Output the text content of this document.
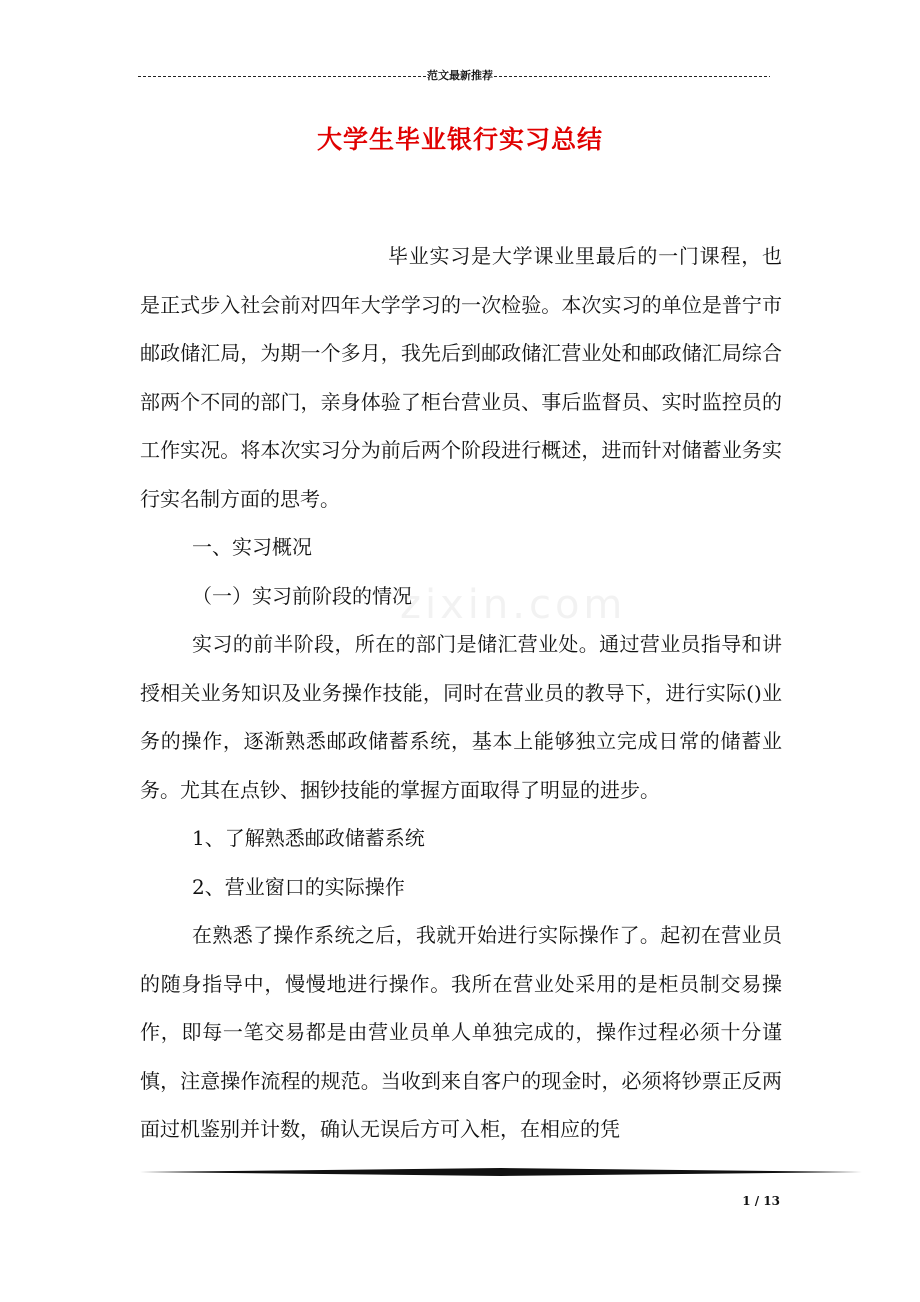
范文最新推荐
大学生毕业银行实习总结
zixin.com

毕业实习是大学课业里最后的一门课程，也是正式步入社会前对四年大学学习的一次检验。本次实习的单位是普宁市邮政储汇局，为期一个多月，我先后到邮政储汇营业处和邮政储汇局综合部两个不同的部门，亲身体验了柜台营业员、事后监督员、实时监控员的工作实况。将本次实习分为前后两个阶段进行概述，进而针对储蓄业务实行实名制方面的思考。

一、实习概况

（一）实习前阶段的情况

实习的前半阶段，所在的部门是储汇营业处。通过营业员指导和讲授相关业务知识及业务操作技能，同时在营业员的教导下，进行实际()业务的操作，逐渐熟悉邮政储蓄系统，基本上能够独立完成日常的储蓄业务。尤其在点钞、捆钞技能的掌握方面取得了明显的进步。

1、了解熟悉邮政储蓄系统

2、营业窗口的实际操作

在熟悉了操作系统之后，我就开始进行实际操作了。起初在营业员的随身指导中，慢慢地进行操作。我所在营业处采用的是柜员制交易操作，即每一笔交易都是由营业员单人单独完成的，操作过程必须十分谨慎，注意操作流程的规范。当收到来自客户的现金时，必须将钞票正反两面过机鉴别并计数，确认无误后方可入柜，在相应的凭

1 / 13
